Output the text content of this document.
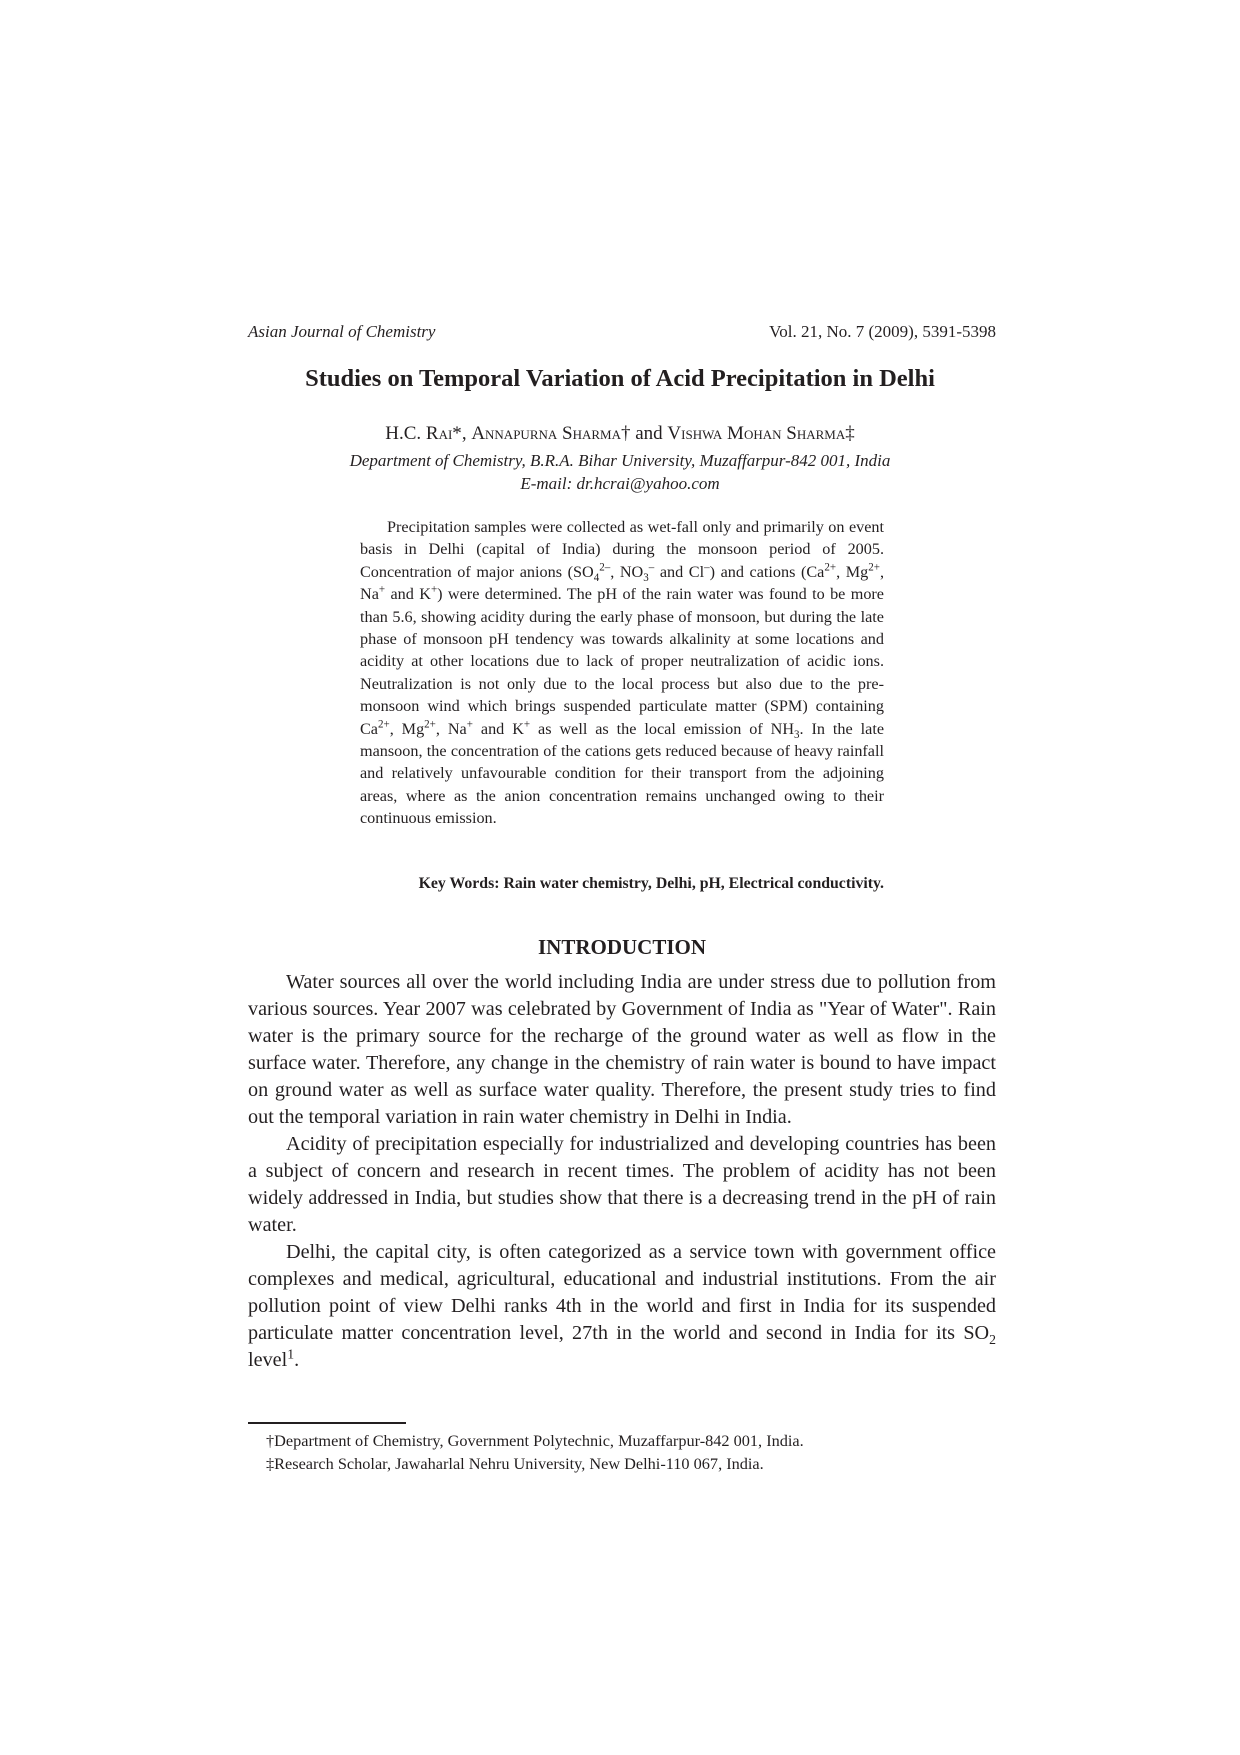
Asian Journal of Chemistry	Vol. 21, No. 7 (2009), 5391-5398
Studies on Temporal Variation of Acid Precipitation in Delhi
H.C. Rai*, Annapurna Sharma† and Vishwa Mohan Sharma‡
Department of Chemistry, B.R.A. Bihar University, Muzaffarpur-842 001, India
E-mail: dr.hcrai@yahoo.com

Precipitation samples were collected as wet-fall only and primarily on event basis in Delhi (capital of India) during the monsoon period of 2005. Concentration of major anions ($SO_4^{2-}$, $NO_3^-$ and Cl–) and cations ($Ca^{2+}$, $Mg^{2+}$, Na+ and K+) were determined. The pH of the rain water was found to be more than 5.6, showing acidity during the early phase of monsoon, but during the late phase of monsoon pH tendency was towards alkalinity at some locations and acidity at other locations due to lack of proper neutralization of acidic ions. Neutralization is not only due to the local process but also due to the pre-monsoon wind which brings suspended particulate matter (SPM) containing $Ca^{2+}$, $Mg^{2+}$, Na+ and K+ as well as the local emission of $NH_3$. In the late mansoon, the concentration of the cations gets reduced because of heavy rainfall and relatively unfavourable condition for their transport from the adjoining areas, where as the anion concentration remains unchanged owing to their continuous emission.

Key Words: Rain water chemistry, Delhi, pH, Electrical conductivity.
INTRODUCTION

Water sources all over the world including India are under stress due to pollution from various sources. Year 2007 was celebrated by Government of India as "Year of Water". Rain water is the primary source for the recharge of the ground water as well as flow in the surface water. Therefore, any change in the chemistry of rain water is bound to have impact on ground water as well as surface water quality. Therefore, the present study tries to find out the temporal variation in rain water chemistry in Delhi in India.

Acidity of precipitation especially for industrialized and developing countries has been a subject of concern and research in recent times. The problem of acidity has not been widely addressed in India, but studies show that there is a decreasing trend in the pH of rain water.

Delhi, the capital city, is often categorized as a service town with government office complexes and medical, agricultural, educational and industrial institutions. From the air pollution point of view Delhi ranks 4th in the world and first in India for its suspended particulate matter concentration level, 27th in the world and second in India for its $SO_2$ level$^1$.

†Department of Chemistry, Government Polytechnic, Muzaffarpur-842 001, India.

‡Research Scholar, Jawaharlal Nehru University, New Delhi-110 067, India.
